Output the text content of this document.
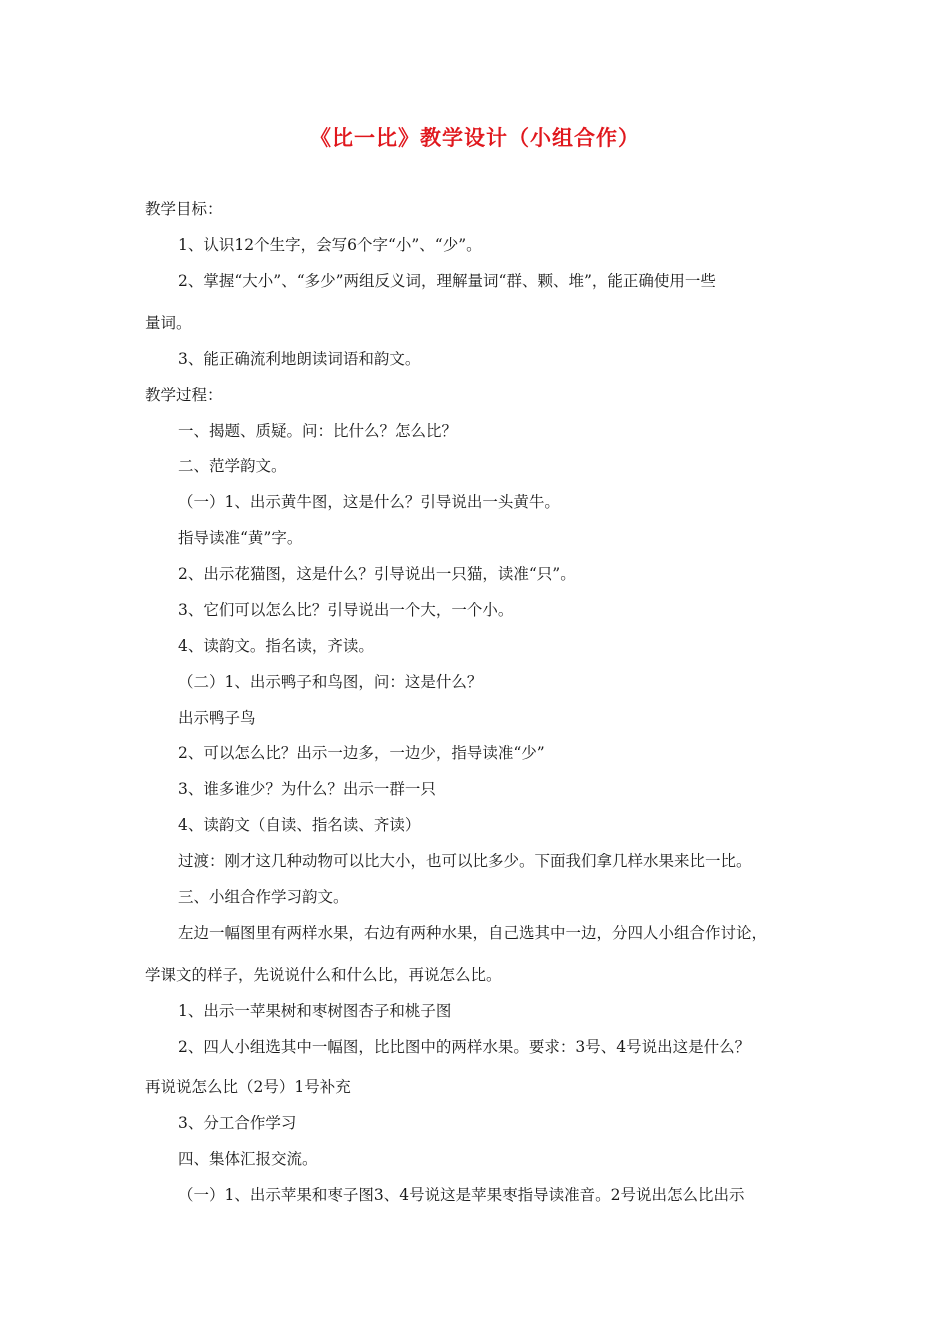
《比一比》教学设计（小组合作）
教学目标：
1、认识12个生字，会写6个字“小”、“少”。
2、掌握“大小”、“多少”两组反义词，理解量词“群、颗、堆”，能正确使用一些
量词。
3、能正确流利地朗读词语和韵文。
教学过程：
一、揭题、质疑。问：比什么？怎么比？
二、范学韵文。
（一）1、出示黄牛图，这是什么？引导说出一头黄牛。
指导读准“黄”字。
2、出示花猫图，这是什么？引导说出一只猫，读准“只”。
3、它们可以怎么比？引导说出一个大，一个小。
4、读韵文。指名读，齐读。
（二）1、出示鸭子和鸟图，问：这是什么？
出示鸭子鸟
2、可以怎么比？出示一边多，一边少，指导读准“少”
3、谁多谁少？为什么？出示一群一只
4、读韵文（自读、指名读、齐读）
过渡：刚才这几种动物可以比大小，也可以比多少。下面我们拿几样水果来比一比。
三、小组合作学习韵文。
左边一幅图里有两样水果，右边有两种水果，自己选其中一边，分四人小组合作讨论，
学课文的样子，先说说什么和什么比，再说怎么比。
1、出示一苹果树和枣树图杏子和桃子图
2、四人小组选其中一幅图，比比图中的两样水果。要求：3号、4号说出这是什么？
再说说怎么比（2号）1号补充
3、分工合作学习
四、集体汇报交流。
（一）1、出示苹果和枣子图3、4号说这是苹果枣指导读准音。2号说出怎么比出示
